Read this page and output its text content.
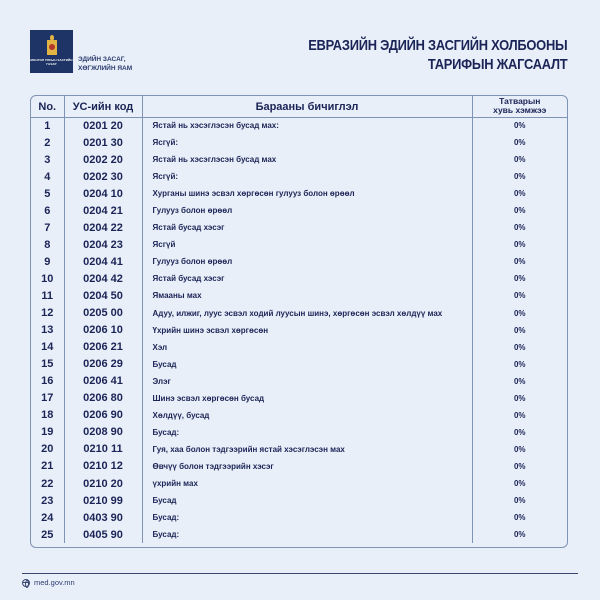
МОНГОЛ УЛСЫН ЗАСГИЙН ГАЗАР
ЭДИЙН ЗАСАГ,
ХӨГЖЛИЙН ЯАМ
ЕВРАЗИЙН ЭДИЙН ЗАСГИЙН ХОЛБООНЫ
ТАРИФЫН ЖАГСААЛТ
No.	УС-ийн код	Барааны бичиглэл	Татварын
хувь хэмжээ

1	0201 20	Ястай нь хэсэглэсэн бусад мах:	0%
2	0201 30	Ясгүй:	0%
3	0202 20	Ястай нь хэсэглэсэн бусад мах	0%
4	0202 30	Ясгүй:	0%
5	0204 10	Хурганы шинэ эсвэл хөргөсөн гулууз болон өрөөл	0%
6	0204 21	Гулууз болон өрөөл	0%
7	0204 22	Ястай бусад хэсэг	0%
8	0204 23	Ясгүй	0%
9	0204 41	Гулууз болон өрөөл	0%
10	0204 42	Ястай бусад хэсэг	0%
11	0204 50	Ямааны мах	0%
12	0205 00	Адуу, илжиг, луус эсвэл ходий луусын шинэ, хөргөсөн эсвэл хөлдүү мах	0%
13	0206 10	Үхрийн шинэ эсвэл хөргөсөн	0%
14	0206 21	Хэл	0%
15	0206 29	Бусад	0%
16	0206 41	Элэг	0%
17	0206 80	Шинэ эсвэл хөргөсөн бусад	0%
18	0206 90	Хөлдүү, бусад	0%
19	0208 90	Бусад:	0%
20	0210 11	Гуя, хаа болон тэдгээрийн ястай хэсэглэсэн мах	0%
21	0210 12	Өвчүү болон тэдгээрийн хэсэг	0%
22	0210 20	үхрийн мах	0%
23	0210 99	Бусад	0%
24	0403 90	Бусад:	0%
25	0405 90	Бусад:	0%
med.gov.mn
